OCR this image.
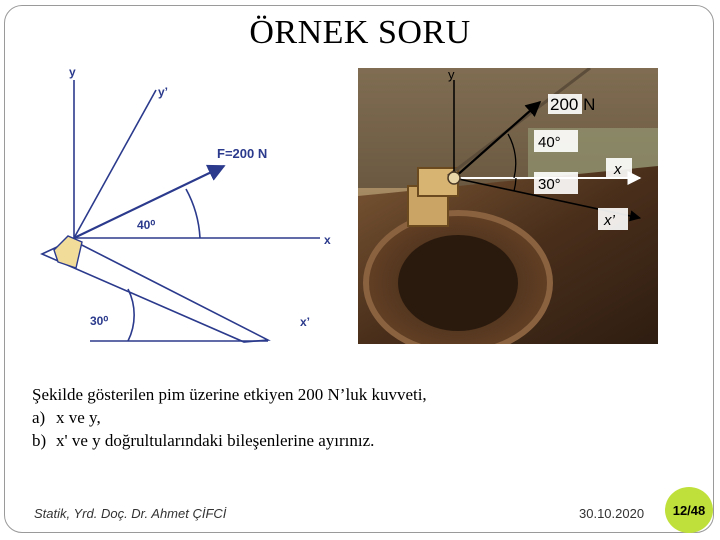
ÖRNEK SORU
y
y’
F=200 N
40⁰
x
30⁰	x’
y
200 N
40°
30°
x
x’
Şekilde gösterilen pim üzerine etkiyen 200 N’luk kuvveti,
a) x ve y,
b) x' ve y doğrultularındaki bileşenlerine ayırınız.
Statik, Yrd. Doç. Dr. Ahmet ÇİFCİ	30.10.2020	12/48
